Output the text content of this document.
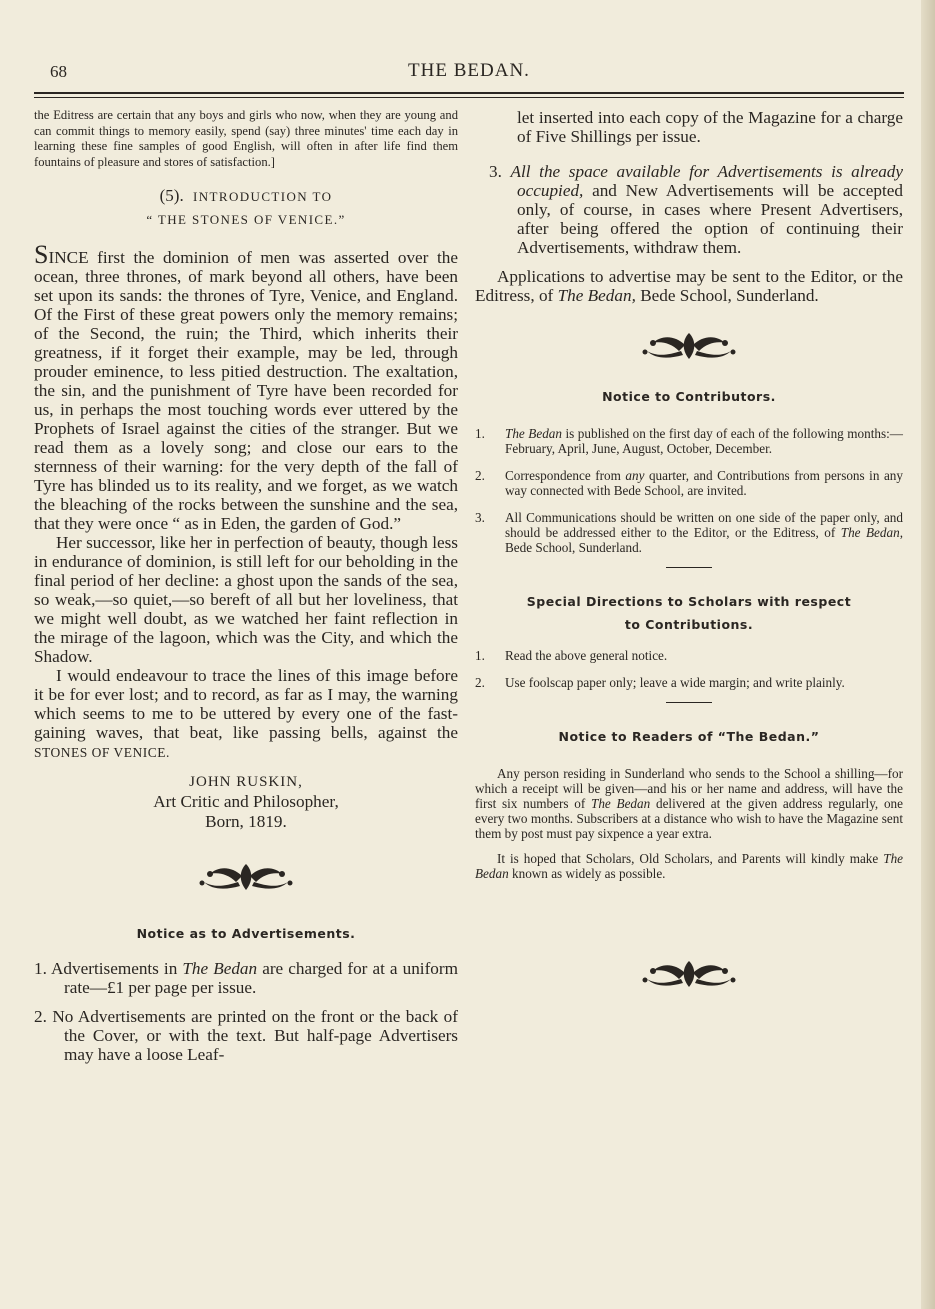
68	THE BEDAN.

the Editress are certain that any boys and girls who now, when they are young and can commit things to memory easily, spend (say) three minutes' time each day in learning these fine samples of good English, will often in after life find them fountains of pleasure and stores of satisfaction.]

(5). INTRODUCTION TO
“ THE STONES OF VENICE.”

SINCE first the dominion of men was asserted over the ocean, three thrones, of mark beyond all others, have been set upon its sands: the thrones of Tyre, Venice, and England. Of the First of these great powers only the memory remains; of the Second, the ruin; the Third, which inherits their greatness, if it forget their example, may be led, through prouder eminence, to less pitied destruction. The exaltation, the sin, and the punishment of Tyre have been recorded for us, in perhaps the most touching words ever uttered by the Prophets of Israel against the cities of the stranger. But we read them as a lovely song; and close our ears to the sternness of their warning: for the very depth of the fall of Tyre has blinded us to its reality, and we forget, as we watch the bleaching of the rocks between the sunshine and the sea, that they were once “ as in Eden, the garden of God.”

Her successor, like her in perfection of beauty, though less in endurance of dominion, is still left for our beholding in the final period of her decline: a ghost upon the sands of the sea, so weak,—so quiet,—so bereft of all but her loveliness, that we might well doubt, as we watched her faint reflection in the mirage of the lagoon, which was the City, and which the Shadow.

I would endeavour to trace the lines of this image before it be for ever lost; and to record, as far as I may, the warning which seems to me to be uttered by every one of the fast-gaining waves, that beat, like passing bells, against the STONES OF VENICE.

JOHN RUSKIN,
Art Critic and Philosopher,
Born, 1819.

Notice as to Advertisements.

1. Advertisements in The Bedan are charged for at a uniform rate—£1 per page per issue.

2. No Advertisements are printed on the front or the back of the Cover, or with the text. But half-page Advertisers may have a loose Leaf-

let inserted into each copy of the Magazine for a charge of Five Shillings per issue.

3. All the space available for Advertisements is already occupied, and New Advertisements will be accepted only, of course, in cases where Present Advertisers, after being offered the option of continuing their Advertisements, withdraw them.

Applications to advertise may be sent to the Editor, or the Editress, of The Bedan, Bede School, Sunderland.

Notice to Contributors.

1. The Bedan is published on the first day of each of the following months:—February, April, June, August, October, December.
2. Correspondence from any quarter, and Contributions from persons in any way connected with Bede School, are invited.
3. All Communications should be written on one side of the paper only, and should be addressed either to the Editor, or the Editress, of The Bedan, Bede School, Sunderland.

Special Directions to Scholars with respect

to Contributions.

1. Read the above general notice.
2. Use foolscap paper only; leave a wide margin; and write plainly.

Notice to Readers of “The Bedan.”

Any person residing in Sunderland who sends to the School a shilling—for which a receipt will be given—and his or her name and address, will have the first six numbers of The Bedan delivered at the given address regularly, one every two months. Subscribers at a distance who wish to have the Magazine sent them by post must pay sixpence a year extra.

It is hoped that Scholars, Old Scholars, and Parents will kindly make The Bedan known as widely as possible.
